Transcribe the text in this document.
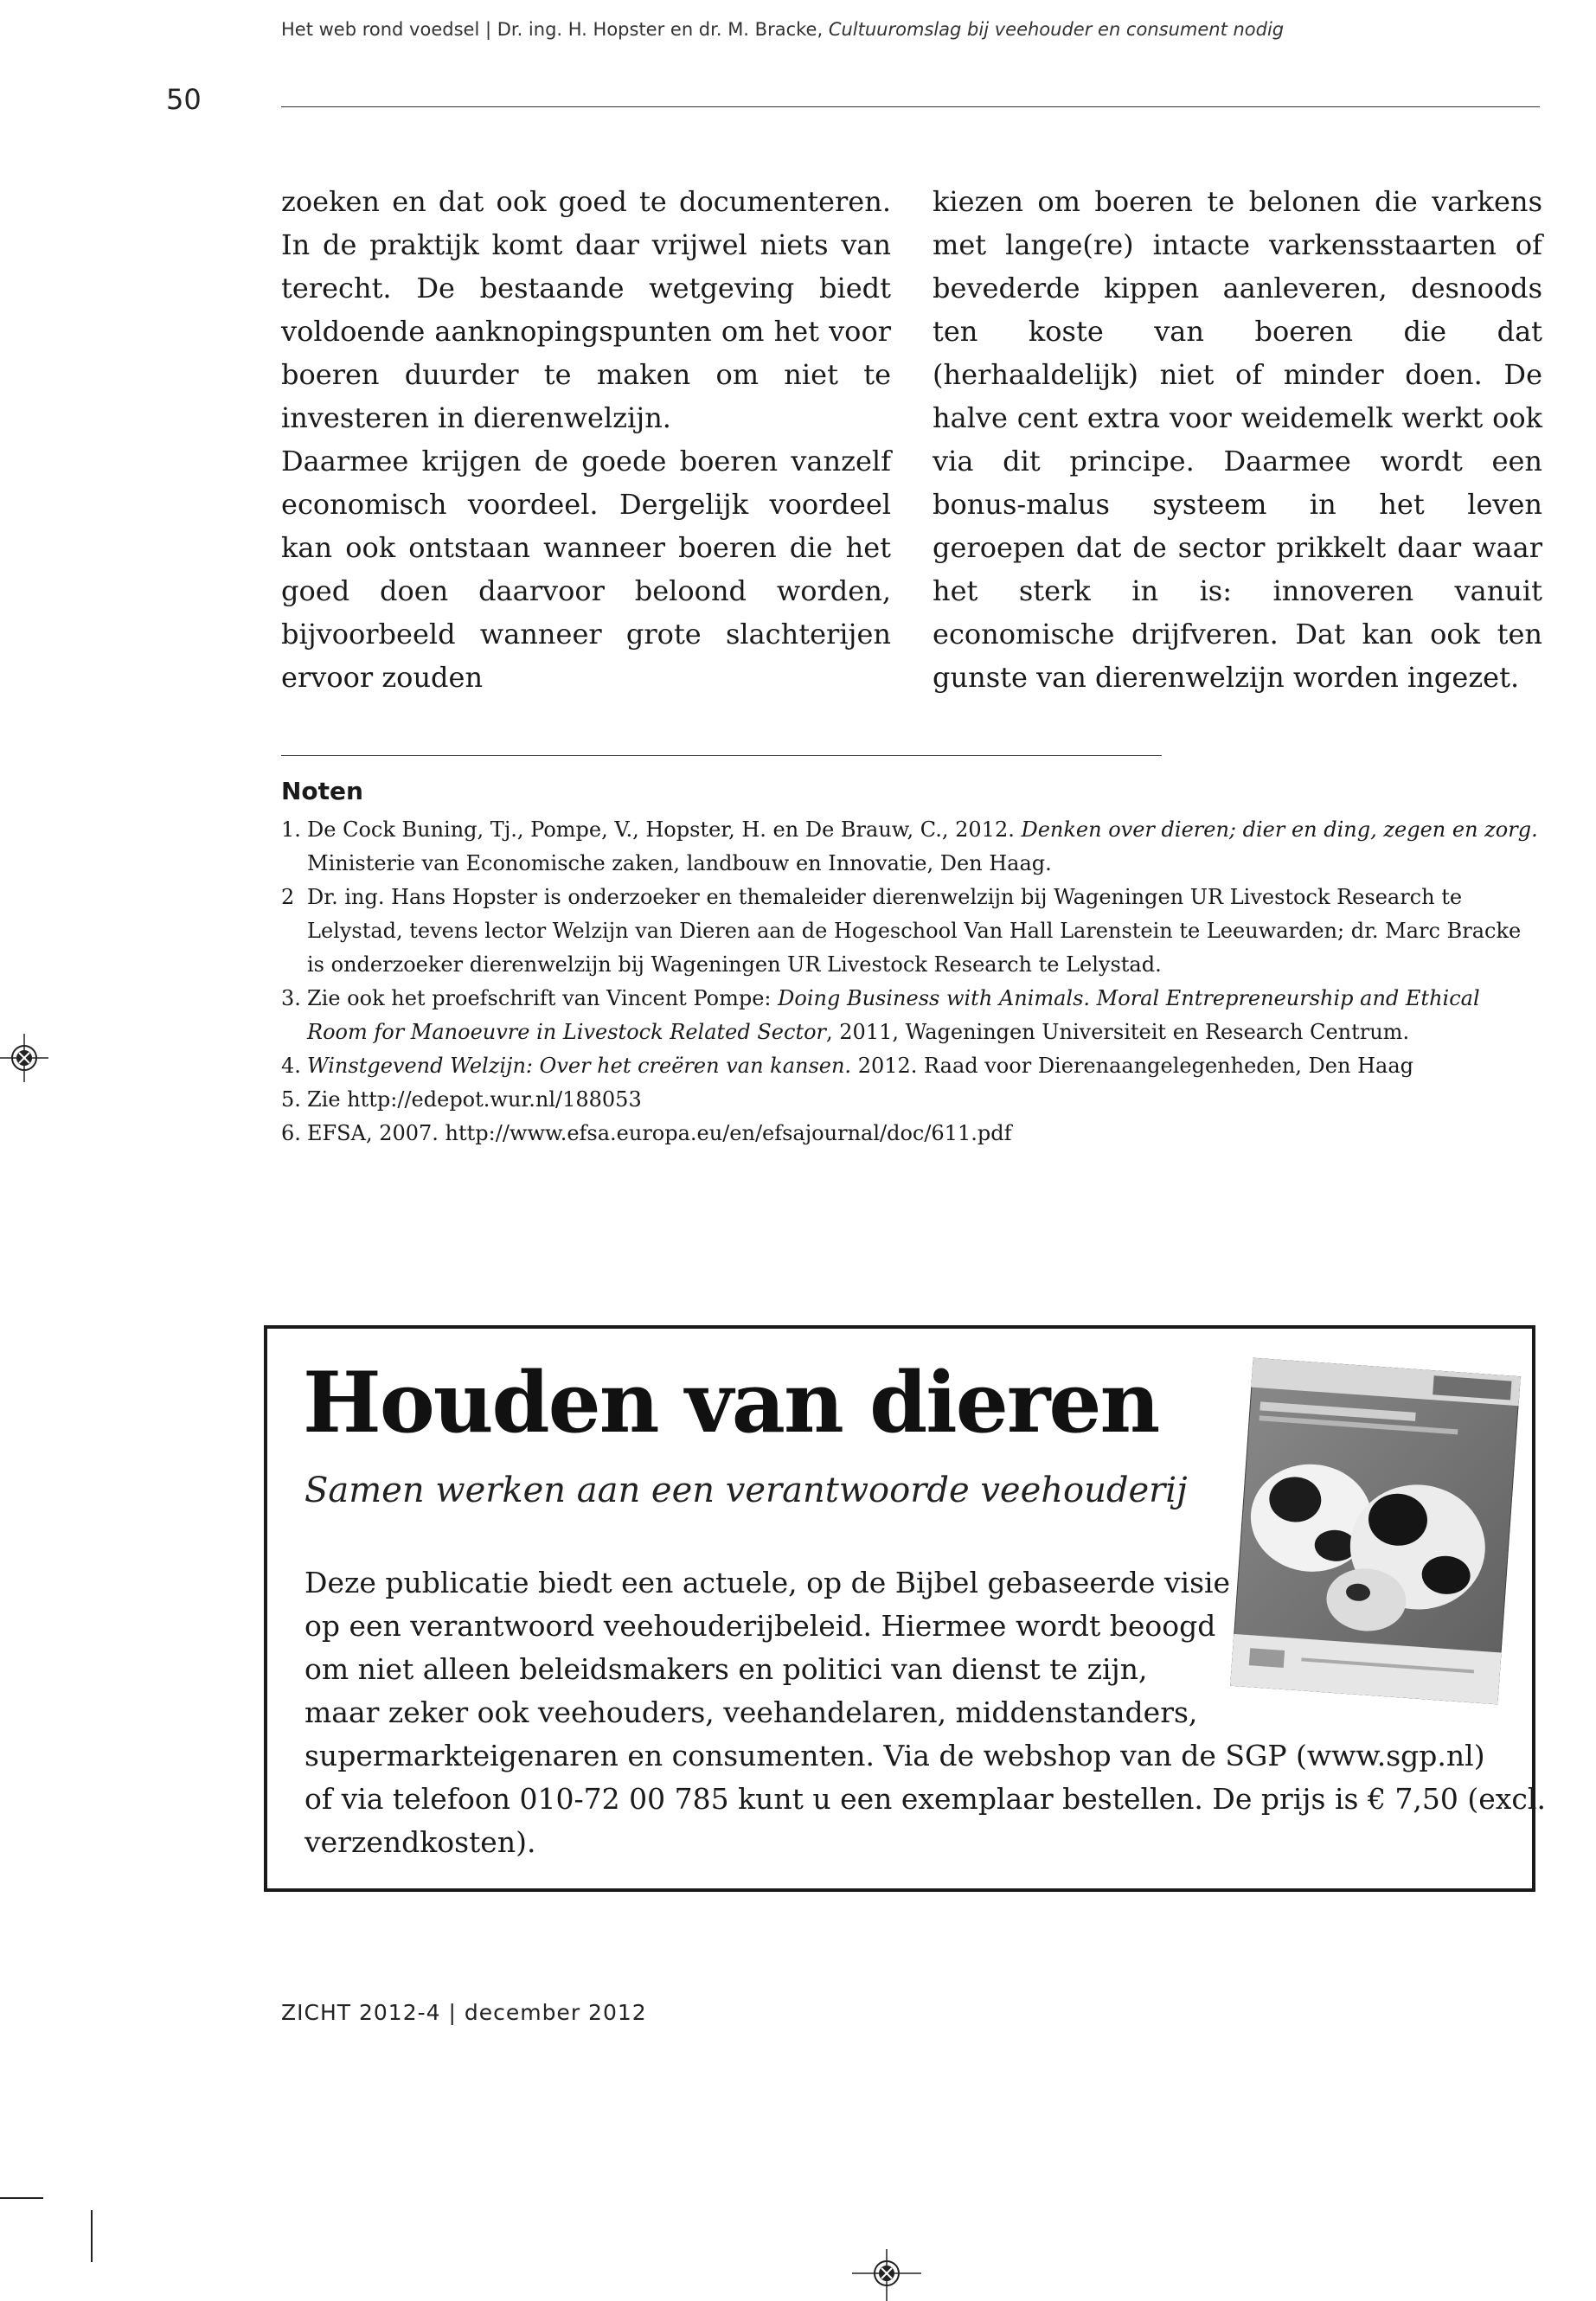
Het web rond voedsel | Dr. ing. H. Hopster en dr. M. Bracke, Cultuuromslag bij veehouder en consument nodig
50

zoeken en dat ook goed te documenteren. In de praktijk komt daar vrijwel niets van terecht. De bestaande wetgeving biedt voldoende aanknopingspunten om het voor boeren duurder te maken om niet te investeren in dierenwelzijn.

Daarmee krijgen de goede boeren vanzelf economisch voordeel. Dergelijk voordeel kan ook ontstaan wanneer boeren die het goed doen daarvoor beloond worden, bijvoorbeeld wanneer grote slachterijen ervoor zouden

kiezen om boeren te belonen die varkens met lange(re) intacte varkensstaarten of bevederde kippen aanleveren, desnoods ten koste van boeren die dat (herhaaldelijk) niet of minder doen. De halve cent extra voor weidemelk werkt ook via dit principe. Daarmee wordt een bonus-malus systeem in het leven geroepen dat de sector prikkelt daar waar het sterk in is: innoveren vanuit economische drijfveren. Dat kan ook ten gunste van dierenwelzijn worden ingezet.

Noten
1. De Cock Buning, Tj., Pompe, V., Hopster, H. en De Brauw, C., 2012. Denken over dieren; dier en ding, zegen en zorg. Ministerie van Economische zaken, landbouw en Innovatie, Den Haag.
2 Dr. ing. Hans Hopster is onderzoeker en themaleider dierenwelzijn bij Wageningen UR Livestock Research te Lelystad, tevens lector Welzijn van Dieren aan de Hogeschool Van Hall Larenstein te Leeuwarden; dr. Marc Bracke is onderzoeker dierenwelzijn bij Wageningen UR Livestock Research te Lelystad.
3. Zie ook het proefschrift van Vincent Pompe: Doing Business with Animals. Moral Entrepreneurship and Ethical Room for Manoeuvre in Livestock Related Sector, 2011, Wageningen Universiteit en Research Centrum.
4. Winstgevend Welzijn: Over het creëren van kansen. 2012. Raad voor Dierenaangelegenheden, Den Haag
5. Zie http://edepot.wur.nl/188053
6. EFSA, 2007. http://www.efsa.europa.eu/en/efsajournal/doc/611.pdf
Houden van dieren
Samen werken aan een verantwoorde veehouderij
Deze publicatie biedt een actuele, op de Bijbel gebaseerde visie
op een verantwoord veehouderijbeleid. Hiermee wordt beoogd
om niet alleen beleidsmakers en politici van dienst te zijn,
maar zeker ook veehouders, veehandelaren, middenstanders,
supermarkteigenaren en consumenten. Via de webshop van de SGP (www.sgp.nl)
of via telefoon 010-72 00 785 kunt u een exemplaar bestellen. De prijs is € 7,50 (excl.
verzendkosten).
ZICHT 2012-4 | december 2012
